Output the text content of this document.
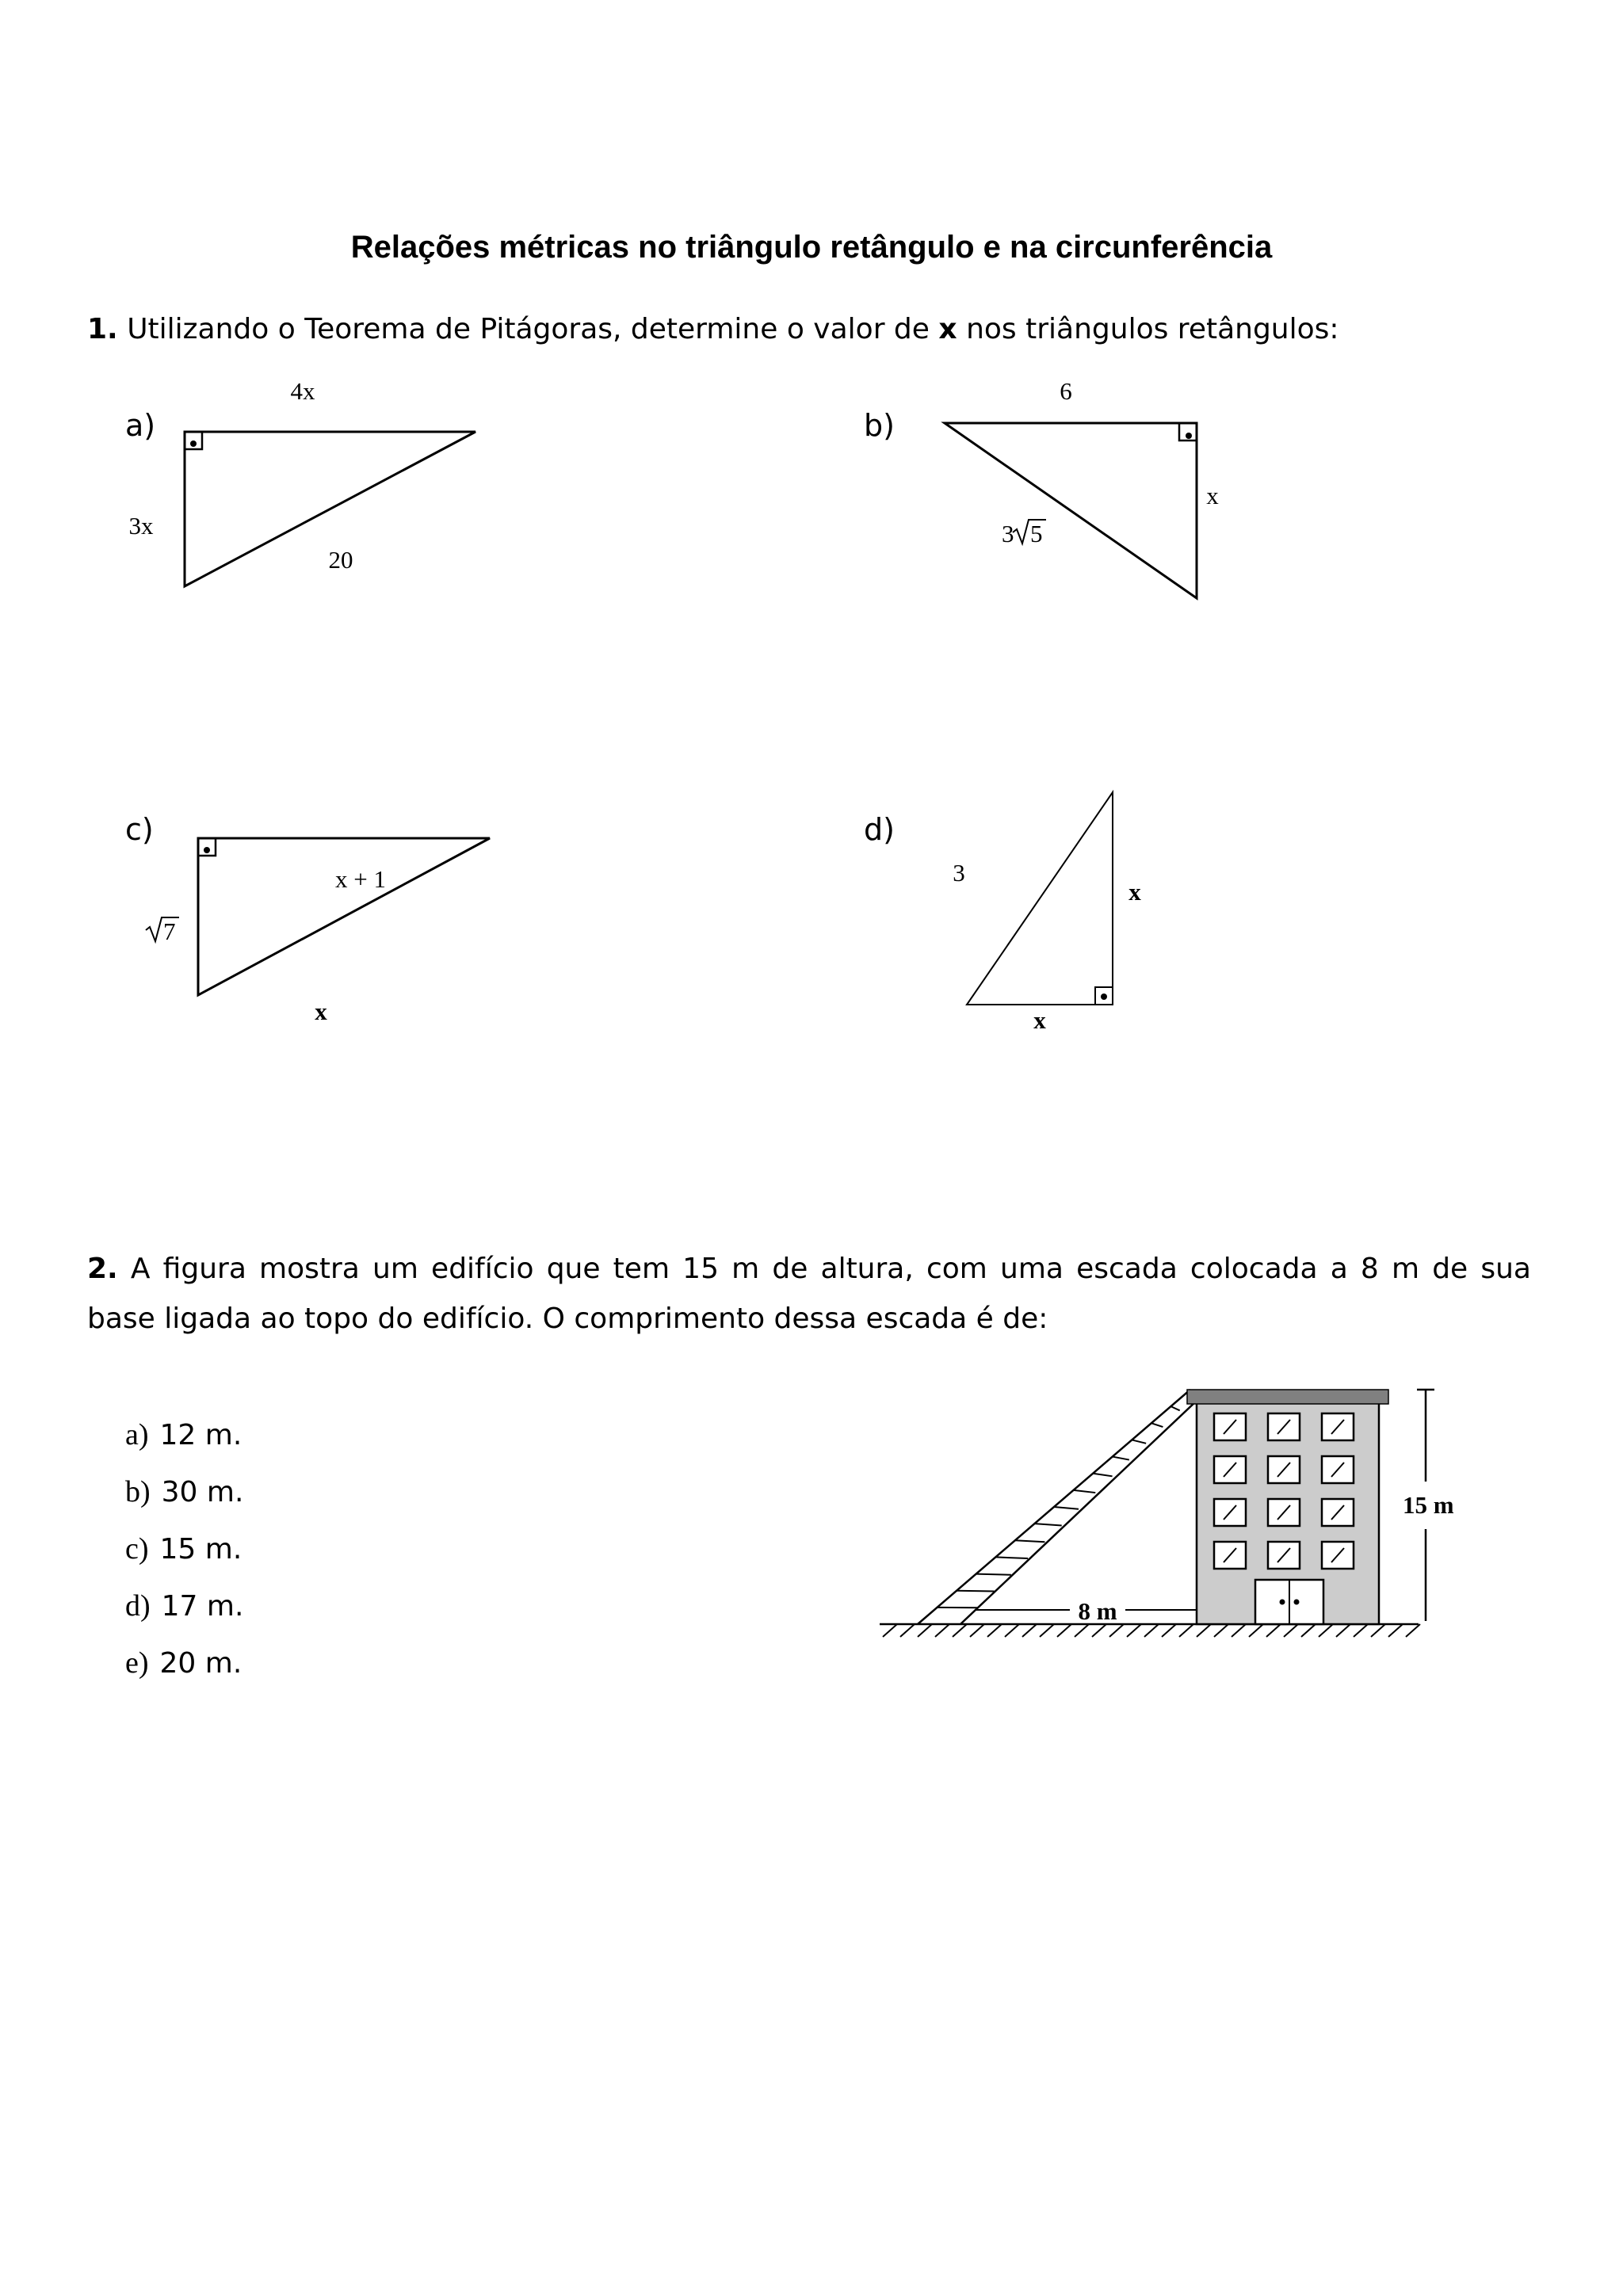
Relações métricas no triângulo retângulo e na circunferência
1. Utilizando o Teorema de Pitágoras, determine o valor de x nos triângulos retângulos:
a)
4x
3x
20
b)
6
x
3 5
c)
x + 1
7
x
d)
3
x
x
2. A figura mostra um edifício que tem 15 m de altura, com uma escada colocada a 8 m de sua base ligada ao topo do edifício. O comprimento dessa escada é de:
a) 12 m.
b) 30 m.
c) 15 m.
d) 17 m.
e) 20 m.
8 m
15 m
